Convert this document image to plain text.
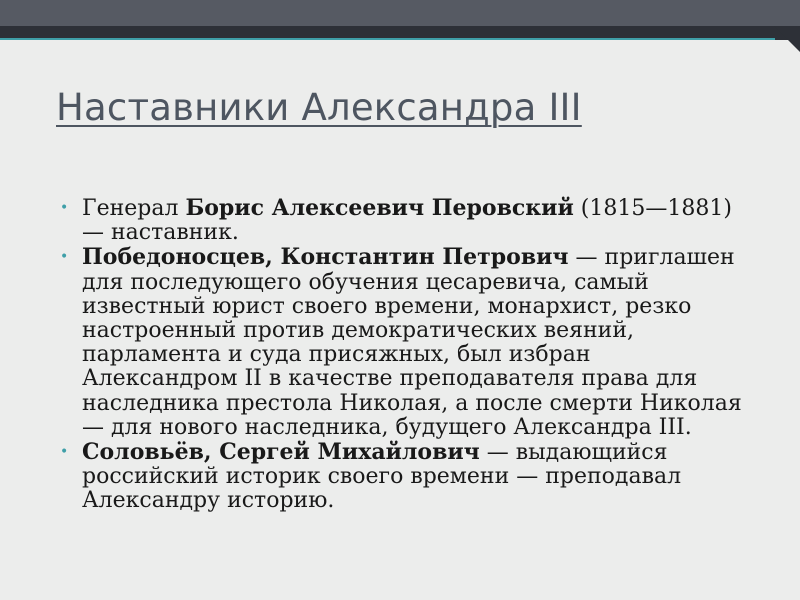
Наставники Александра III
• Генерал Борис Алексеевич Перовский (1815—1881) — наставник.
• Победоносцев, Константин Петрович — приглашен для последующего обучения цесаревича, самый известный юрист своего времени, монархист, резко настроенный против демократических веяний, парламента и суда присяжных, был избран Александром II в качестве преподавателя права для наследника престола Николая, а после смерти Николая — для нового наследника, будущего Александра III.
• Соловьёв, Сергей Михайлович — выдающийся российский историк своего времени — преподавал Александру историю.
